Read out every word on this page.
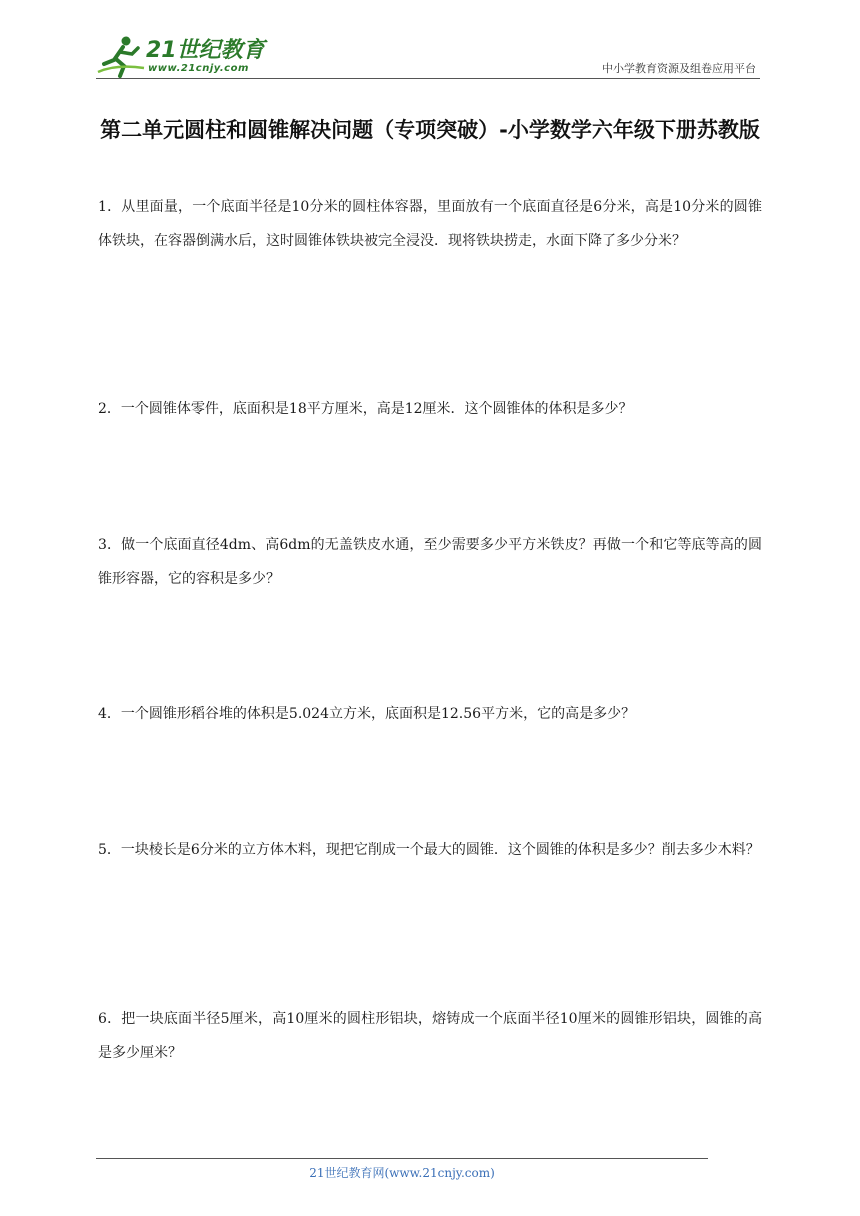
21世纪教育
www.21cnjy.com	中小学教育资源及组卷应用平台
第二单元圆柱和圆锥解决问题（专项突破）-小学数学六年级下册苏教版
1．从里面量，一个底面半径是10分米的圆柱体容器，里面放有一个底面直径是6分米，高是10分米的圆锥体铁块，在容器倒满水后，这时圆锥体铁块被完全浸没．现将铁块捞走，水面下降了多少分米？
2．一个圆锥体零件，底面积是18平方厘米，高是12厘米．这个圆锥体的体积是多少？
3．做一个底面直径4dm、高6dm的无盖铁皮水通，至少需要多少平方米铁皮？再做一个和它等底等高的圆锥形容器，它的容积是多少？
4．一个圆锥形稻谷堆的体积是5.024立方米，底面积是12.56平方米，它的高是多少？
5．一块棱长是6分米的立方体木料，现把它削成一个最大的圆锥．这个圆锥的体积是多少？削去多少木料？
6．把一块底面半径5厘米，高10厘米的圆柱形铝块，熔铸成一个底面半径10厘米的圆锥形铝块，圆锥的高是多少厘米？
21世纪教育网(www.21cnjy.com)
